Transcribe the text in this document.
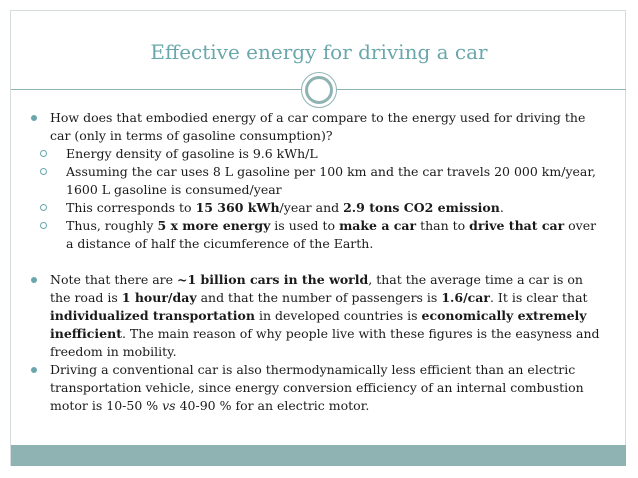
Effective energy for driving a car
How does that embodied energy of a car compare to the energy used for driving the car (only in terms of gasoline consumption)?
Energy density of gasoline is 9.6 kWh/L
Assuming the car uses 8 L gasoline per 100 km and the car travels 20 000 km/year, 1600 L gasoline is consumed/year
This corresponds to 15 360 kWh/year and 2.9 tons CO2 emission.
Thus, roughly 5 x more energy is used to make a car than to drive that car over a distance of half the cicumference of the Earth.
Note that there are ~1 billion cars in the world, that the average time a car is on the road is 1 hour/day and that the number of passengers is 1.6/car. It is clear that individualized transportation in developed countries is economically extremely inefficient. The main reason of why people live with these figures is the easyness and freedom in mobility.
Driving a conventional car is also thermodynamically less efficient than an electric transportation vehicle, since energy conversion efficiency of an internal combustion motor is 10-50 % vs 40-90 % for an electric motor.
